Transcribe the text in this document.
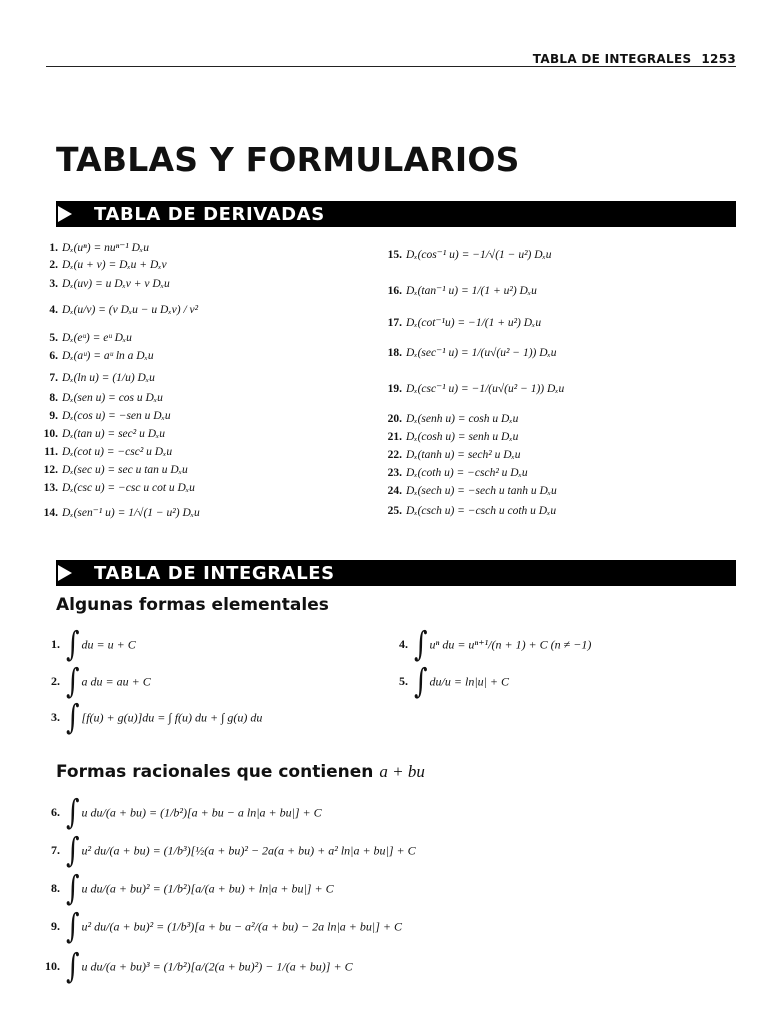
TABLA DE INTEGRALES 1253
TABLAS Y FORMULARIOS
TABLA DE DERIVADAS
1. Dₓ(uⁿ) = nuⁿ⁻¹ Dₓu
2. Dₓ(u + v) = Dₓu + Dₓv
3. Dₓ(uv) = u Dₓv + v Dₓu
4. Dₓ(u/v) = (v Dₓu − u Dₓv) / v²
5. Dₓ(eᵘ) = eᵘ Dₓu
6. Dₓ(aᵘ) = aᵘ ln a Dₓu
7. Dₓ(ln u) = (1/u) Dₓu
8. Dₓ(sen u) = cos u Dₓu
9. Dₓ(cos u) = −sen u Dₓu
10. Dₓ(tan u) = sec² u Dₓu
11. Dₓ(cot u) = −csc² u Dₓu
12. Dₓ(sec u) = sec u tan u Dₓu
13. Dₓ(csc u) = −csc u cot u Dₓu
14. Dₓ(sen⁻¹ u) = 1/√(1 − u²) Dₓu
15. Dₓ(cos⁻¹ u) = −1/√(1 − u²) Dₓu
16. Dₓ(tan⁻¹ u) = 1/(1 + u²) Dₓu
17. Dₓ(cot⁻¹u) = −1/(1 + u²) Dₓu
18. Dₓ(sec⁻¹ u) = 1/(u√(u² − 1)) Dₓu
19. Dₓ(csc⁻¹ u) = −1/(u√(u² − 1)) Dₓu
20. Dₓ(senh u) = cosh u Dₓu
21. Dₓ(cosh u) = senh u Dₓu
22. Dₓ(tanh u) = sech² u Dₓu
23. Dₓ(coth u) = −csch² u Dₓu
24. Dₓ(sech u) = −sech u tanh u Dₓu
25. Dₓ(csch u) = −csch u coth u Dₓu
TABLA DE INTEGRALES
Algunas formas elementales
1. ∫ du = u + C
2. ∫ a du = au + C
3. ∫ [f(u) + g(u)]du = ∫ f(u) du + ∫ g(u) du
4. ∫ uⁿ du = uⁿ⁺¹/(n + 1) + C (n ≠ −1)
5. ∫ du/u = ln|u| + C
Formas racionales que contienen a + bu
6. ∫ u du/(a + bu) = (1/b²)[a + bu − a ln|a + bu|] + C
7. ∫ u² du/(a + bu) = (1/b³)[½(a + bu)² − 2a(a + bu) + a² ln|a + bu|] + C
8. ∫ u du/(a + bu)² = (1/b²)[a/(a + bu) + ln|a + bu|] + C
9. ∫ u² du/(a + bu)² = (1/b³)[a + bu − a²/(a + bu) − 2a ln|a + bu|] + C
10. ∫ u du/(a + bu)³ = (1/b²)[a/(2(a + bu)²) − 1/(a + bu)] + C
